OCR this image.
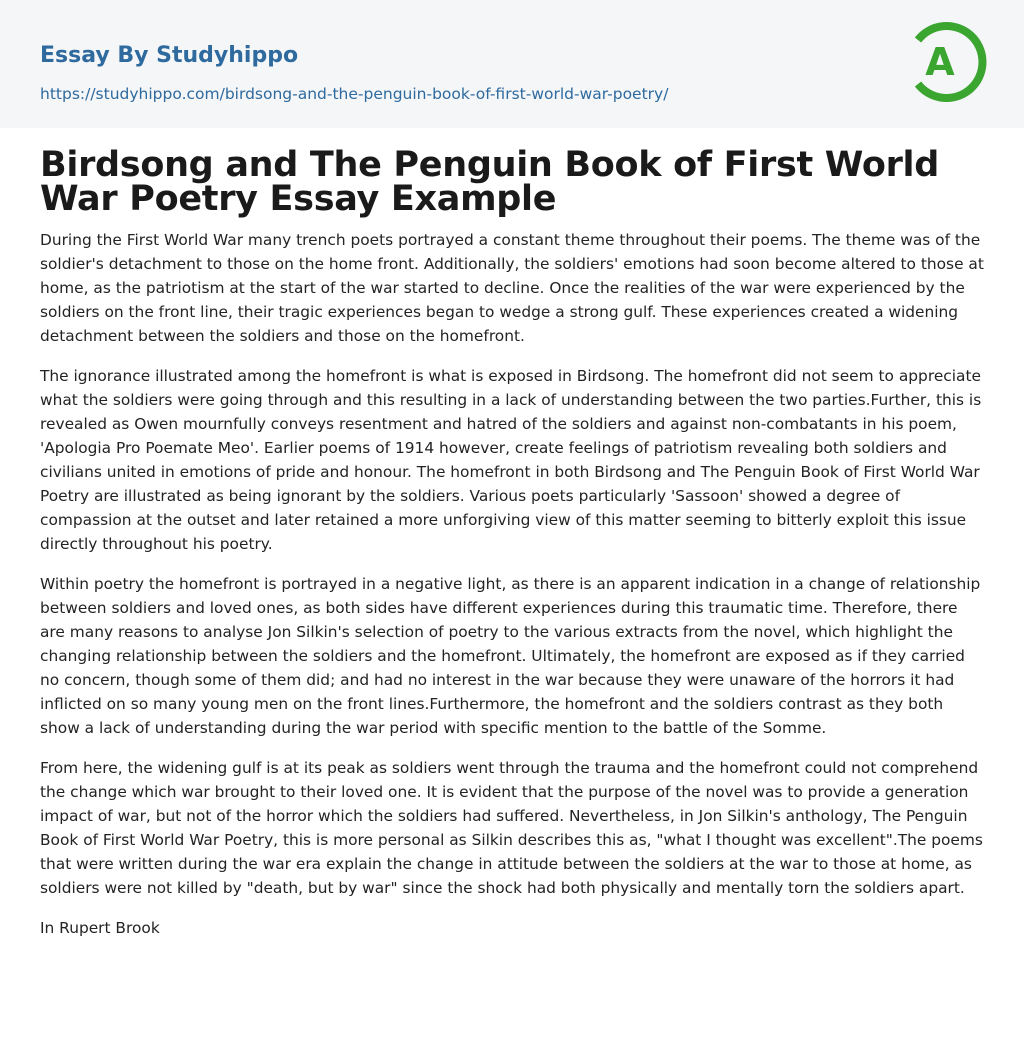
Essay By Studyhippo
https://studyhippo.com/birdsong-and-the-penguin-book-of-first-world-war-poetry/
A
Birdsong and The Penguin Book of First World War Poetry Essay Example

During the First World War many trench poets portrayed a constant theme throughout their poems. The theme was of the soldier's detachment to those on the home front. Additionally, the soldiers' emotions had soon become altered to those at home, as the patriotism at the start of the war started to decline. Once the realities of the war were experienced by the soldiers on the front line, their tragic experiences began to wedge a strong gulf. These experiences created a widening detachment between the soldiers and those on the homefront.

The ignorance illustrated among the homefront is what is exposed in Birdsong. The homefront did not seem to appreciate what the soldiers were going through and this resulting in a lack of understanding between the two parties.Further, this is revealed as Owen mournfully conveys resentment and hatred of the soldiers and against non-combatants in his poem, 'Apologia Pro Poemate Meo'. Earlier poems of 1914 however, create feelings of patriotism revealing both soldiers and civilians united in emotions of pride and honour. The homefront in both Birdsong and The Penguin Book of First World War Poetry are illustrated as being ignorant by the soldiers. Various poets particularly 'Sassoon' showed a degree of compassion at the outset and later retained a more unforgiving view of this matter seeming to bitterly exploit this issue directly throughout his poetry.

Within poetry the homefront is portrayed in a negative light, as there is an apparent indication in a change of relationship between soldiers and loved ones, as both sides have different experiences during this traumatic time. Therefore, there are many reasons to analyse Jon Silkin's selection of poetry to the various extracts from the novel, which highlight the changing relationship between the soldiers and the homefront. Ultimately, the homefront are exposed as if they carried no concern, though some of them did; and had no interest in the war because they were unaware of the horrors it had inflicted on so many young men on the front lines.Furthermore, the homefront and the soldiers contrast as they both show a lack of understanding during the war period with specific mention to the battle of the Somme.

From here, the widening gulf is at its peak as soldiers went through the trauma and the homefront could not comprehend the change which war brought to their loved one. It is evident that the purpose of the novel was to provide a generation impact of war, but not of the horror which the soldiers had suffered. Nevertheless, in Jon Silkin's anthology, The Penguin Book of First World War Poetry, this is more personal as Silkin describes this as, "what I thought was excellent".The poems that were written during the war era explain the change in attitude between the soldiers at the war to those at home, as soldiers were not killed by "death, but by war" since the shock had both physically and mentally torn the soldiers apart.

In Rupert Brook
